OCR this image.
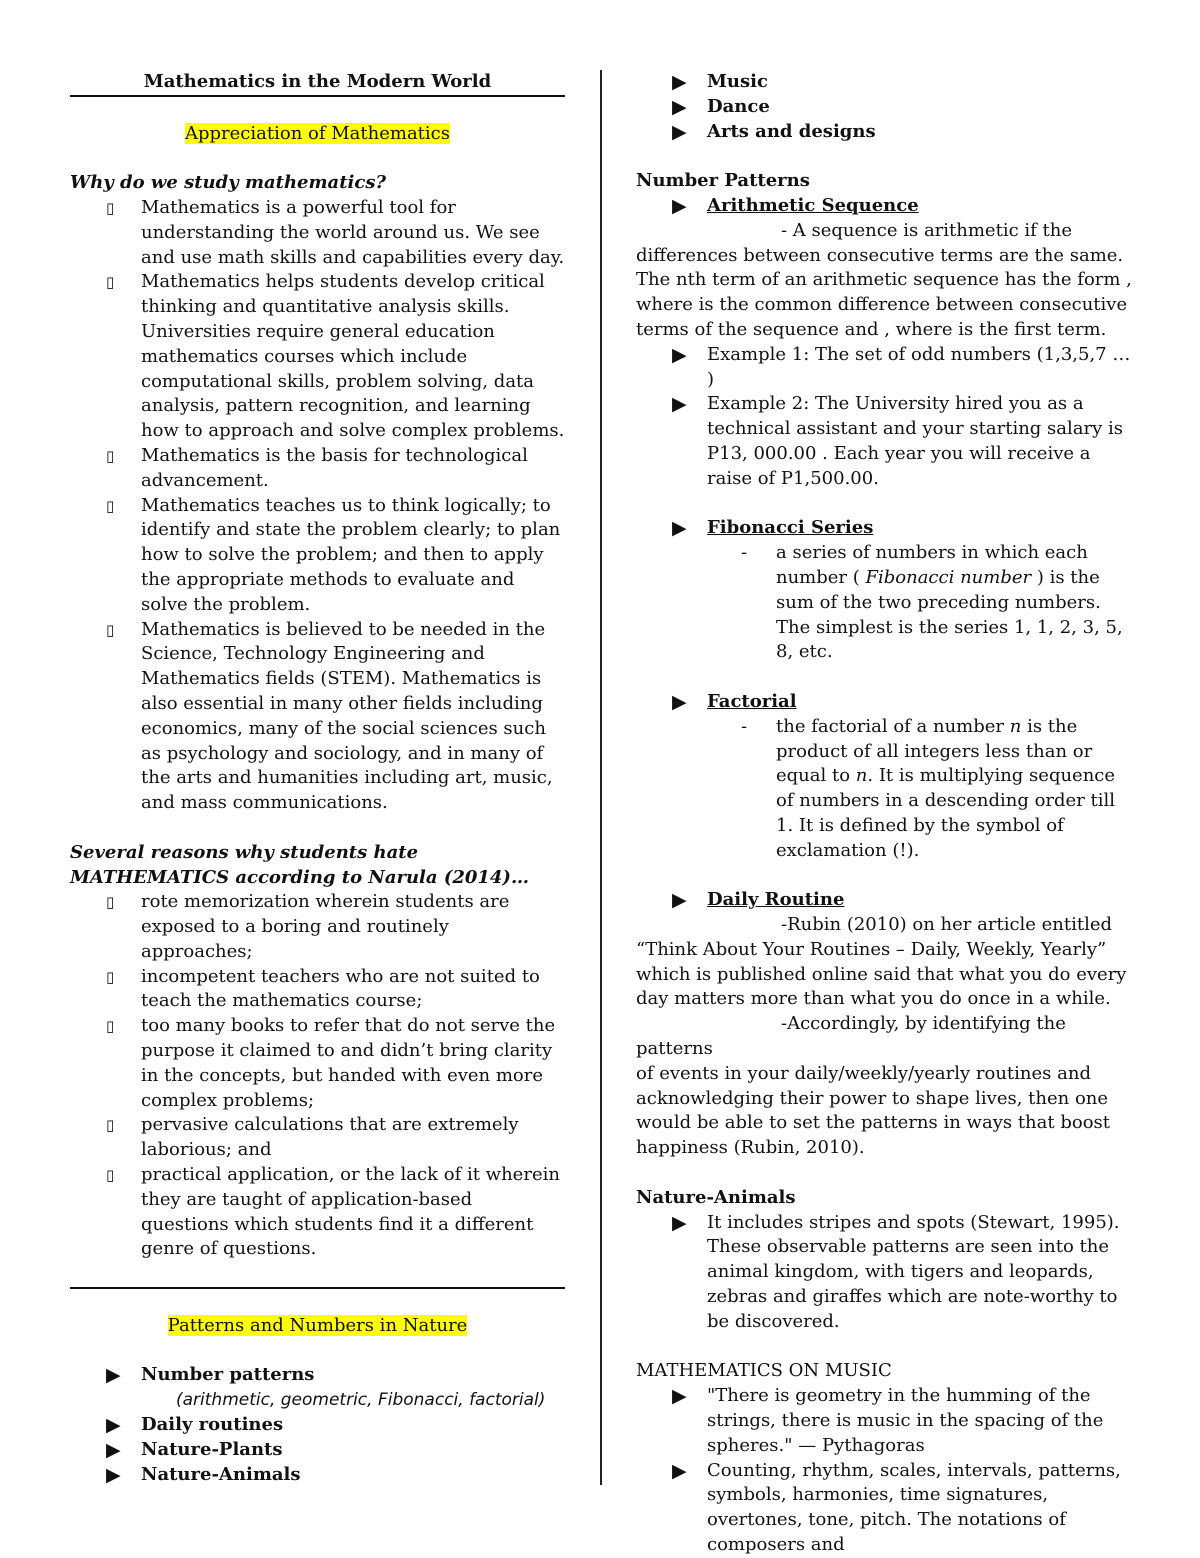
Mathematics in the Modern World

Appreciation of Mathematics

Why do we study mathematics?
▯ Mathematics is a powerful tool for understanding the world around us. We see and use math skills and capabilities every day.
▯ Mathematics helps students develop critical thinking and quantitative analysis skills. Universities require general education mathematics courses which include computational skills, problem solving, data analysis, pattern recognition, and learning how to approach and solve complex problems.
▯ Mathematics is the basis for technological advancement.
▯ Mathematics teaches us to think logically; to identify and state the problem clearly; to plan how to solve the problem; and then to apply the appropriate methods to evaluate and solve the problem.
▯ Mathematics is believed to be needed in the Science, Technology Engineering and Mathematics fields (STEM). Mathematics is also essential in many other fields including economics, many of the social sciences such as psychology and sociology, and in many of the arts and humanities including art, music, and mass communications.
Several reasons why students hate MATHEMATICS according to Narula (2014)…
▯ rote memorization wherein students are exposed to a boring and routinely approaches;
▯ incompetent teachers who are not suited to teach the mathematics course;
▯ too many books to refer that do not serve the purpose it claimed to and didn’t bring clarity in the concepts, but handed with even more complex problems;
▯ pervasive calculations that are extremely laborious; and
▯ practical application, or the lack of it wherein they are taught of application-based questions which students find it a different genre of questions.

Patterns and Numbers in Nature

▶ Number patterns
(arithmetic, geometric, Fibonacci, factorial)
▶ Daily routines
▶ Nature-Plants
▶ Nature-Animals
▶ Music
▶ Dance
▶ Arts and designs
Number Patterns
▶ Arithmetic Sequence
- A sequence is arithmetic if the
differences between consecutive terms are the same. The nth term of an arithmetic sequence has the form , where is the common difference between consecutive terms of the sequence and , where is the first term.
▶ Example 1: The set of odd numbers (1,3,5,7 … )
▶ Example 2: The University hired you as a technical assistant and your starting salary is P13, 000.00 . Each year you will receive a raise of P1,500.00.
▶ Fibonacci Series
- a series of numbers in which each number ( Fibonacci number ) is the sum of the two preceding numbers. The simplest is the series 1, 1, 2, 3, 5, 8, etc.
▶ Factorial
- the factorial of a number n is the product of all integers less than or equal to n. It is multiplying sequence of numbers in a descending order till 1. It is defined by the symbol of exclamation (!).
▶ Daily Routine
-Rubin (2010) on her article entitled
“Think About Your Routines – Daily, Weekly, Yearly” which is published online said that what you do every day matters more than what you do once in a while.
-Accordingly, by identifying the patterns
of events in your daily/weekly/yearly routines and acknowledging their power to shape lives, then one would be able to set the patterns in ways that boost happiness (Rubin, 2010).
Nature-Animals
▶ It includes stripes and spots (Stewart, 1995). These observable patterns are seen into the animal kingdom, with tigers and leopards, zebras and giraffes which are note-worthy to be discovered.
MATHEMATICS ON MUSIC
▶ "There is geometry in the humming of the strings, there is music in the spacing of the spheres." — Pythagoras
▶ Counting, rhythm, scales, intervals, patterns, symbols, harmonies, time signatures, overtones, tone, pitch. The notations of composers and
